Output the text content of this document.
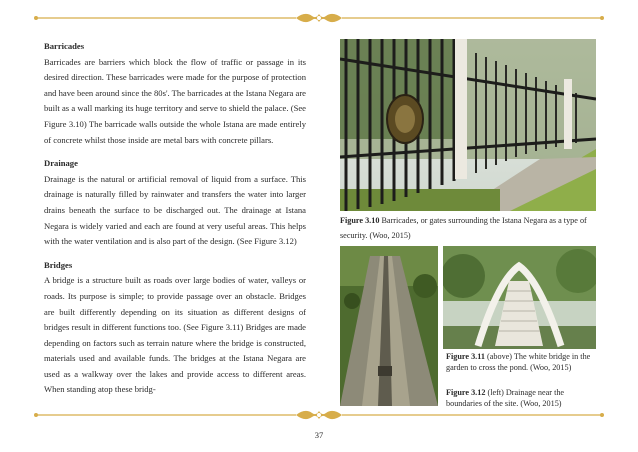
Barricades
Barricades are barriers which block the flow of traffic or passage in its desired direction. These barricades were made for the purpose of protection and have been around since the 80s'. The barricades at the Istana Negara are built as a wall marking its huge territory and serve to shield the palace. (See Figure 3.10) The barricade walls outside the whole Istana are made entirely of concrete whilst those inside are metal bars with concrete pillars.
Drainage
Drainage is the natural or artificial removal of liquid from a surface. This drainage is naturally filled by rainwater and transfers the water into larger drains beneath the surface to be discharged out. The drainage at Istana Negara is widely varied and each are found at very useful areas. This helps with the water ventilation and is also part of the design. (See Figure 3.12)
Bridges
A bridge is a structure built as roads over large bodies of water, valleys or roads. Its purpose is simple; to provide passage over an obstacle. Bridges are built differently depending on its situation as different designs of bridges result in different functions too. (See Figure 3.11) Bridges are made depending on factors such as terrain nature where the bridge is constructed, materials used and available funds. The bridges at the Istana Negara are used as a walkway over the lakes and provide access to different areas. When standing atop these bridg-
Figure 3.10 Barricades, or gates surrounding the Istana Negara as a type of security. (Woo, 2015)
Figure 3.11 (above) The white bridge in the garden to cross the pond. (Woo, 2015)
Figure 3.12 (left) Drainage near the boundaries of the site. (Woo, 2015)
37
